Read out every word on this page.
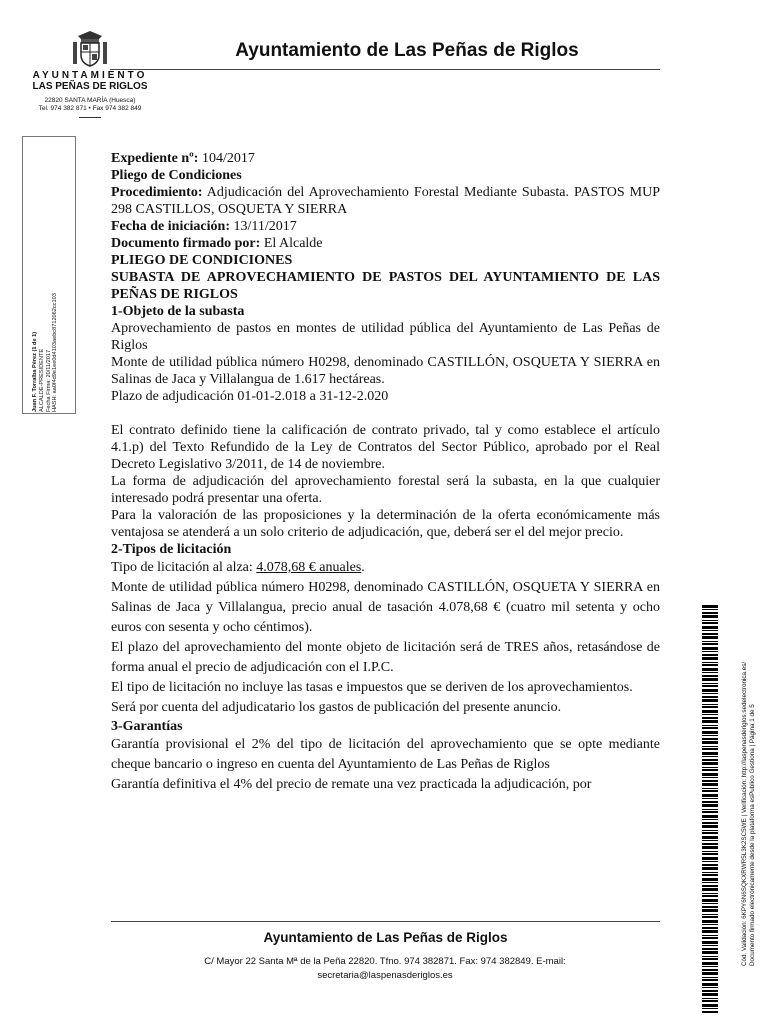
AYUNTAMIENTO
LAS PEÑAS DE RIGLOS
22820 SANTA MARÍA (Huesca)
Tel. 974 382 871 • Fax 974 382 849
Ayuntamiento de Las Peñas de Riglos
Juan F. Torralba Pérez (1 de 1) ALCALDE-PRESIDENTE Fecha Firma: 20/11/2017 HASH: aa0f4d9e1ee0d4103aebc8712062cc103

Expediente nº: 104/2017

Pliego de Condiciones

Procedimiento: Adjudicación del Aprovechamiento Forestal Mediante Subasta. PASTOS MUP 298 CASTILLOS, OSQUETA Y SIERRA

Fecha de iniciación: 13/11/2017

Documento firmado por: El Alcalde

PLIEGO DE CONDICIONES
SUBASTA DE APROVECHAMIENTO DE PASTOS DEL AYUNTAMIENTO DE LAS PEÑAS DE RIGLOS

1-Objeto de la subasta

Aprovechamiento de pastos en montes de utilidad pública del Ayuntamiento de Las Peñas de Riglos

Monte de utilidad pública número H0298, denominado CASTILLÓN, OSQUETA Y SIERRA en Salinas de Jaca y Villalangua de 1.617 hectáreas.

Plazo de adjudicación 01-01-2.018 a 31-12-2.020

El contrato definido tiene la calificación de contrato privado, tal y como establece el artículo 4.1.p) del Texto Refundido de la Ley de Contratos del Sector Público, aprobado por el Real Decreto Legislativo 3/2011, de 14 de noviembre.

La forma de adjudicación del aprovechamiento forestal será la subasta, en la que cualquier interesado podrá presentar una oferta.

Para la valoración de las proposiciones y la determinación de la oferta económicamente más ventajosa se atenderá a un solo criterio de adjudicación, que, deberá ser el del mejor precio.

2-Tipos de licitación

Tipo de licitación al alza: 4.078,68 € anuales.

Monte de utilidad pública número H0298, denominado CASTILLÓN, OSQUETA Y SIERRA en Salinas de Jaca y Villalangua, precio anual de tasación 4.078,68 € (cuatro mil setenta y ocho euros con sesenta y ocho céntimos).

El plazo del aprovechamiento del monte objeto de licitación será de TRES años, retasándose de forma anual el precio de adjudicación con el I.P.C.

El tipo de licitación no incluye las tasas e impuestos que se deriven de los aprovechamientos.

Será por cuenta del adjudicatario los gastos de publicación del presente anuncio.

3-Garantías

Garantía provisional el 2% del tipo de licitación del aprovechamiento que se opte mediante cheque bancario o ingreso en cuenta del Ayuntamiento de Las Peñas de Riglos

Garantía definitiva el 4% del precio de remate una vez practicada la adjudicación, por

Ayuntamiento de Las Peñas de Riglos
C/ Mayor 22 Santa Mª de la Peña 22820. Tfno. 974 382871. Fax: 974 382849. E-mail: secretaria@laspenasderiglos.es
Cód. Validación: 6KPY6N6SQKXRWR5L3K2SC5WE | Verificación: http://laspenasderiglos.sedelectronica.es/ Documento firmado electrónicamente desde la plataforma esPublico Gestiona | Página 1 de 5
